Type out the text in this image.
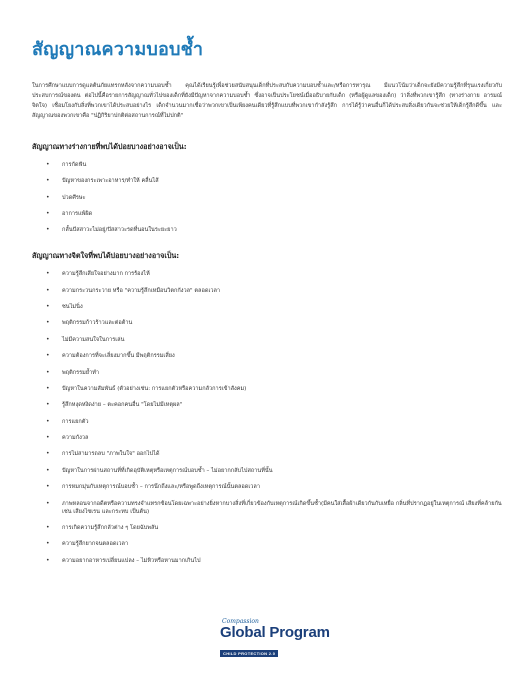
สัญญาณความบอบช้ำ

ในการศึกษาแบบการดูแลต้นภัยแทรกหลังจากความบอบช้ำ คุณได้เรียนรู้เพื่อช่วยสนับสนุนเด็กที่ประสบกับความบอบช้ำและ/หรือการทารุณ มีแนวโน้มว่าเด็กจะยังมีความรู้สึกที่รุนแรงเกี่ยวกับประสบการณ์ของตน ต่อไปนี้คือรายการสัญญาณทั่วไปของเด็กที่ยังมีปัญหาจากความบอบช้ำ ซึ่งอาจเป็นประโยชน์เมื่ออธิบายกับเด็ก (หรือผู้ดูแลของเด็ก) ว่าสิ่งที่พวกเขารู้สึก (ทางร่างกาย อารมณ์ จิตใจ) เชื่อมโยงกับสิ่งที่พวกเขาได้ประสบอย่างไร เด็กจำนวนมากเชื่อว่าพวกเขาเป็นเพียงคนเดียวที่รู้สึกแบบที่พวกเขากำลังรู้สึก การได้รู้ว่าคนอื่นก็ได้ประสบสิ่งเดียวกันจะช่วยให้เด็กรู้สึกดีขึ้น และสัญญาณของพวกเขาคือ "ปฏิกิริยาปกติต่อสถานการณ์ที่ไม่ปกติ"

สัญญาณทางร่างกายที่พบได้บ่อยบางอย่างอาจเป็น:
• การกัดฟัน
• ปัญหาของกระเพาะอาหาร/ทำให้ คลื่นไส้
• ปวดศีรษะ
• อาการแพ้ผิด
• กลั้นปัสสาวะไม่อยู่/ปัสสาวะรดที่นอนในระยะยาว
สัญญาณทางจิตใจที่พบได้บ่อยบางอย่างอาจเป็น:
• ความรู้สึกเสียใจอย่างมาก การร้องไห้
• ความกระวนกระวาย หรือ "ความรู้สึกเหมือนวิตกกังวล" ตลอดเวลา
• ซนไม่นิ่ง
• พฤติกรรมก้าวร้าวและต่อต้าน
• ไม่มีความสนใจในการเล่น
• ความต้องการที่จะเลี่ยงมากขึ้น มีพฤติกรรมเสี่ยง
• พฤติกรรมย้ำทำ
• ปัญหาในความสัมพันธ์ (ตัวอย่างเช่น: การแยกตัวหรือความกลัวการเข้าสังคม)
• รู้สึกหงุดหงิดง่าย – ตะคอกคนอื่น "โดยไม่มีเหตุผล"
• การแยกตัว
• ความกังวล
• การไม่สามารถลบ "ภาพในใจ" ออกไปได้
• ปัญหาในการผ่านสถานที่ที่เกิดอุบัติเหตุหรือเหตุการณ์บอบช้ำ – ไม่อยากกลับไปสถานที่นั้น
• การหมกมุ่นกับเหตุการณ์บอบช้ำ – การนึกถึงและ/หรือพูดถึงเหตุการณ์นั้นตลอดเวลา
• ภาพหลอนจากอดีตหรือความทรงจำแทรกซ้อนโดยเฉพาะอย่างยิ่งหากบางสิ่งที่เกี่ยวข้องกับเหตุการณ์เกิดขึ้นซ้ำ(มีคนใส่เสื้อผ้าเดียวกันกับเหยื่อ กลิ่นที่ปรากฏอยู่ในเหตุการณ์ เสียงที่คล้ายกัน เช่น เสียงไซเรน และกระทบ เป็นต้น)
• การเกิดความรู้สึกกลัวต่าง ๆ โดยฉับพลัน
• ความรู้สึกยากจนตลอดเวลา
• ความอยากอาหารเปลี่ยนแปลง – ไม่หิวหรือหานมากเกินไป
Compassion
Global Program
CHILD PROTECTION 2.0
